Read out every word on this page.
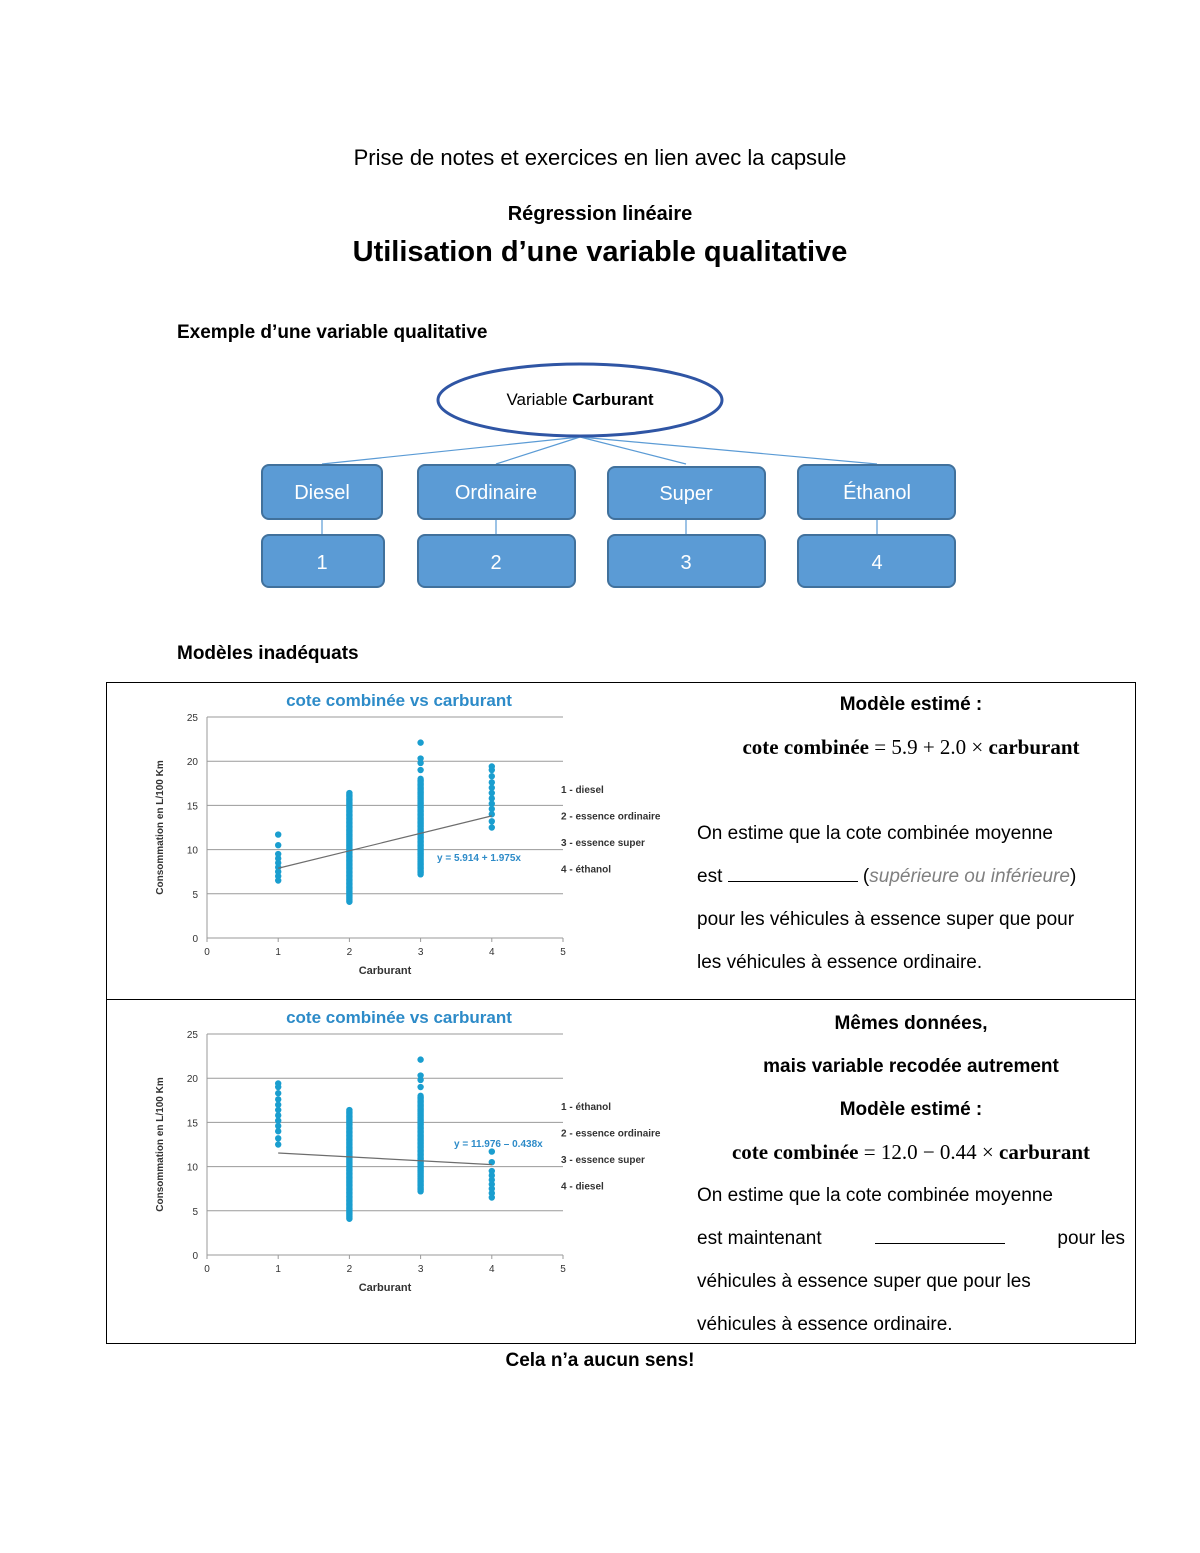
Prise de notes et exercices en lien avec la capsule
Régression linéaire
Utilisation d’une variable qualitative
Exemple d’une variable qualitative
Variable Carburant
Diesel	Ordinaire	Super	Éthanol
1	2	3	4
Modèles inadéquats
cote combinée vs carburant
0
5
10
15
20
25
0	1	2	3	4	5
Carburant
Consommation en L/100 Km	y = 5.914 + 1.975x
1 - diesel
2 - essence ordinaire
3 - essence super
4 - éthanol
Modèle estimé :
cote combinée = 5.9 + 2.0 × carburant
On estime que la cote combinée moyenne
est	(supérieure ou inférieure)
pour les véhicules à essence super que pour
les véhicules à essence ordinaire.
cote combinée vs carburant
0
5
10
15
20
25
0	1	2	3	4	5
Carburant
Consommation en L/100 Km	y = 11.976 – 0.438x
1 - éthanol
2 - essence ordinaire
3 - essence super
4 - diesel
Mêmes données,
mais variable recodée autrement
Modèle estimé :
cote combinée = 12.0 − 0.44 × carburant
On estime que la cote combinée moyenne
est maintenant	pour les
véhicules à essence super que pour les
véhicules à essence ordinaire.
Cela n’a aucun sens!
